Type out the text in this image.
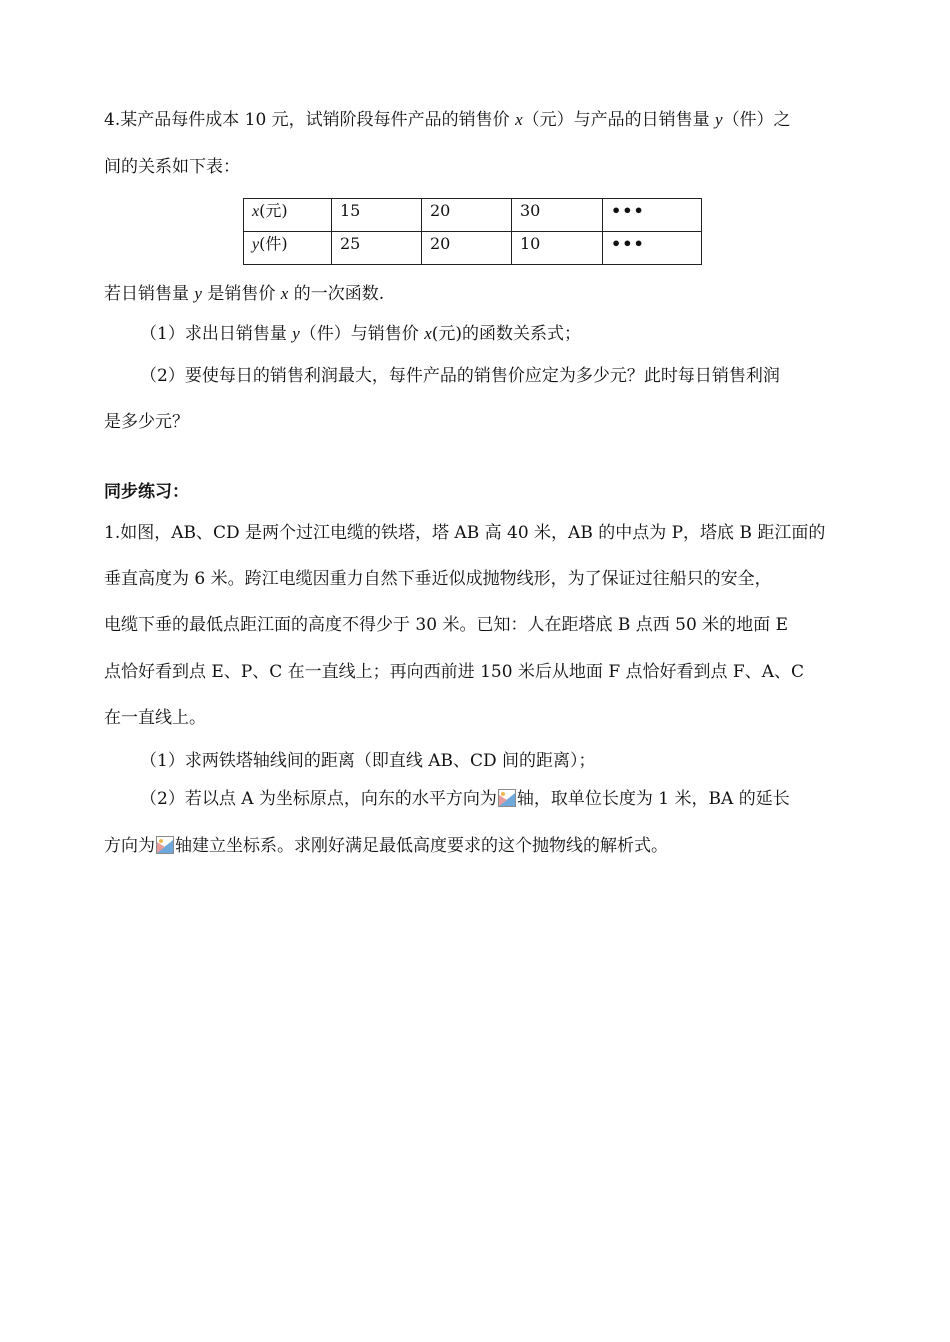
4.某产品每件成本 10 元，试销阶段每件产品的销售价 x（元）与产品的日销售量 y（件）之
间的关系如下表：
x(元)	15	20	30	•••
y(件)	25	20	10	•••
若日销售量 y 是销售价 x 的一次函数.
（1）求出日销售量 y（件）与销售价 x(元)的函数关系式；
（2）要使每日的销售利润最大，每件产品的销售价应定为多少元？此时每日销售利润
是多少元？
同步练习：
1.如图，AB、CD 是两个过江电缆的铁塔，塔 AB 高 40 米，AB 的中点为 P，塔底 B 距江面的
垂直高度为 6 米。跨江电缆因重力自然下垂近似成抛物线形，为了保证过往船只的安全，
电缆下垂的最低点距江面的高度不得少于 30 米。已知：人在距塔底 B 点西 50 米的地面 E
点恰好看到点 E、P、C 在一直线上；再向西前进 150 米后从地面 F 点恰好看到点 F、A、C
在一直线上。
（1）求两铁塔轴线间的距离（即直线 AB、CD 间的距离）；
（2）若以点 A 为坐标原点，向东的水平方向为 轴，取单位长度为 1 米，BA 的延长
方向为 轴建立坐标系。求刚好满足最低高度要求的这个抛物线的解析式。
